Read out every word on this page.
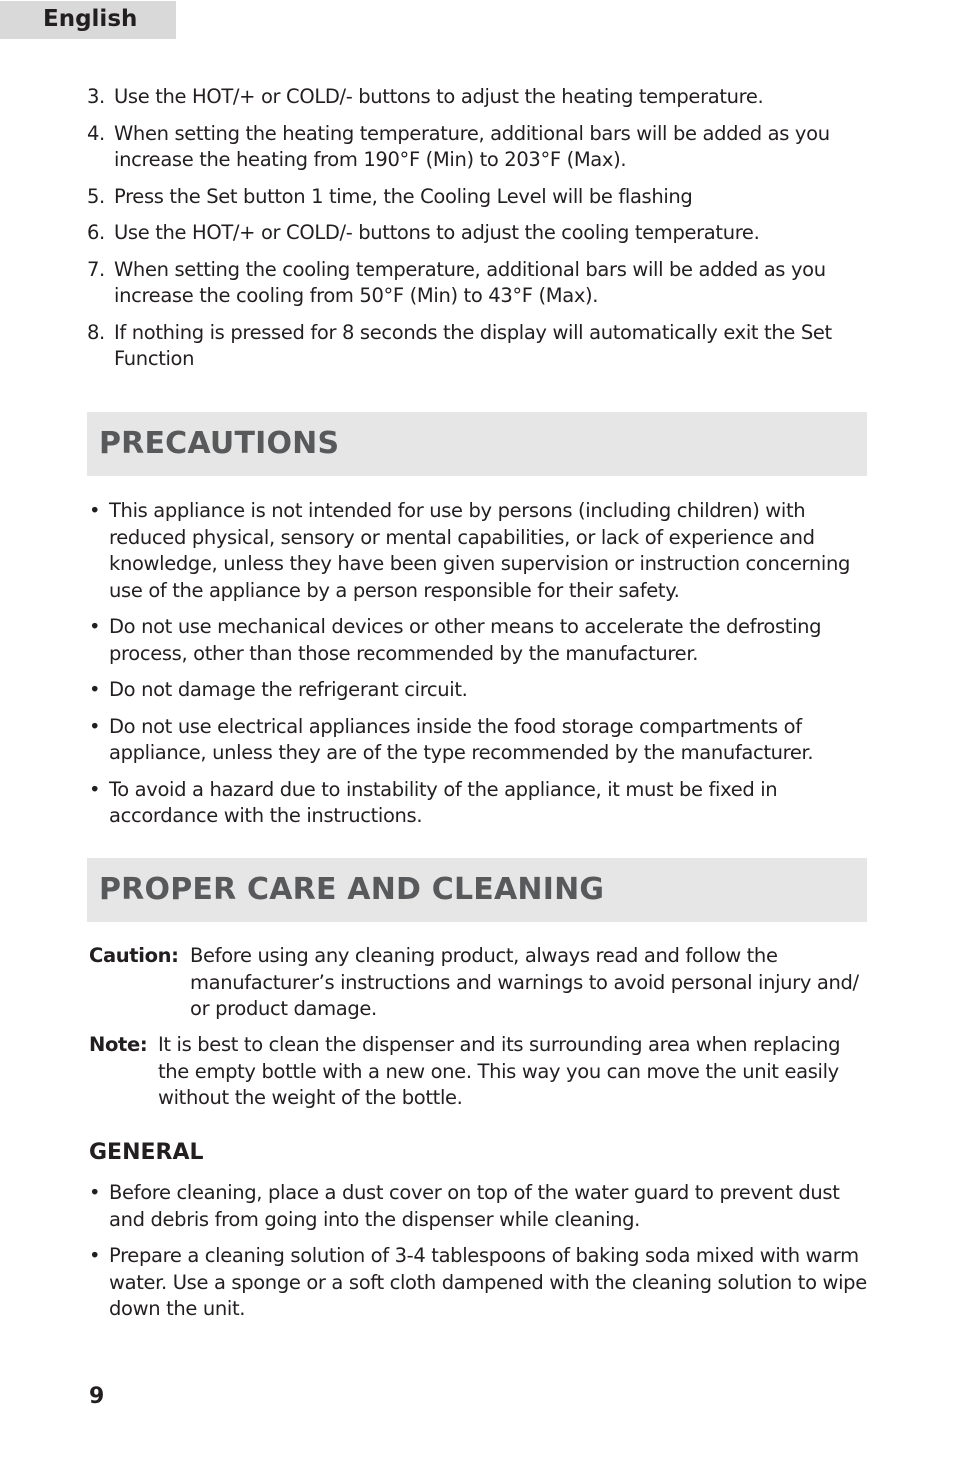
English
3. Use the HOT/+ or COLD/- buttons to adjust the heating temperature.
4. When setting the heating temperature, additional bars will be added as you increase the heating from 190°F (Min) to 203°F (Max).
5. Press the Set button 1 time, the Cooling Level will be flashing
6. Use the HOT/+ or COLD/- buttons to adjust the cooling temperature.
7. When setting the cooling temperature, additional bars will be added as you increase the cooling from 50°F (Min) to 43°F (Max).
8. If nothing is pressed for 8 seconds the display will automatically exit the Set Function
PRECAUTIONS
• This appliance is not intended for use by persons (including children) with reduced physical, sensory or mental capabilities, or lack of experience and knowledge, unless they have been given supervision or instruction concerning use of the appliance by a person responsible for their safety.
• Do not use mechanical devices or other means to accelerate the defrosting process, other than those recommended by the manufacturer.
• Do not damage the refrigerant circuit.
• Do not use electrical appliances inside the food storage compartments of appliance, unless they are of the type recommended by the manufacturer.
• To avoid a hazard due to instability of the appliance, it must be fixed in accordance with the instructions.
PROPER CARE AND CLEANING
Caution: Before using any cleaning product, always read and follow the manufacturer’s instructions and warnings to avoid personal injury and/ or product damage.
Note: It is best to clean the dispenser and its surrounding area when replacing the empty bottle with a new one. This way you can move the unit easily without the weight of the bottle.
GENERAL
• Before cleaning, place a dust cover on top of the water guard to prevent dust and debris from going into the dispenser while cleaning.
• Prepare a cleaning solution of 3-4 tablespoons of baking soda mixed with warm water. Use a sponge or a soft cloth dampened with the cleaning solution to wipe down the unit.
9
